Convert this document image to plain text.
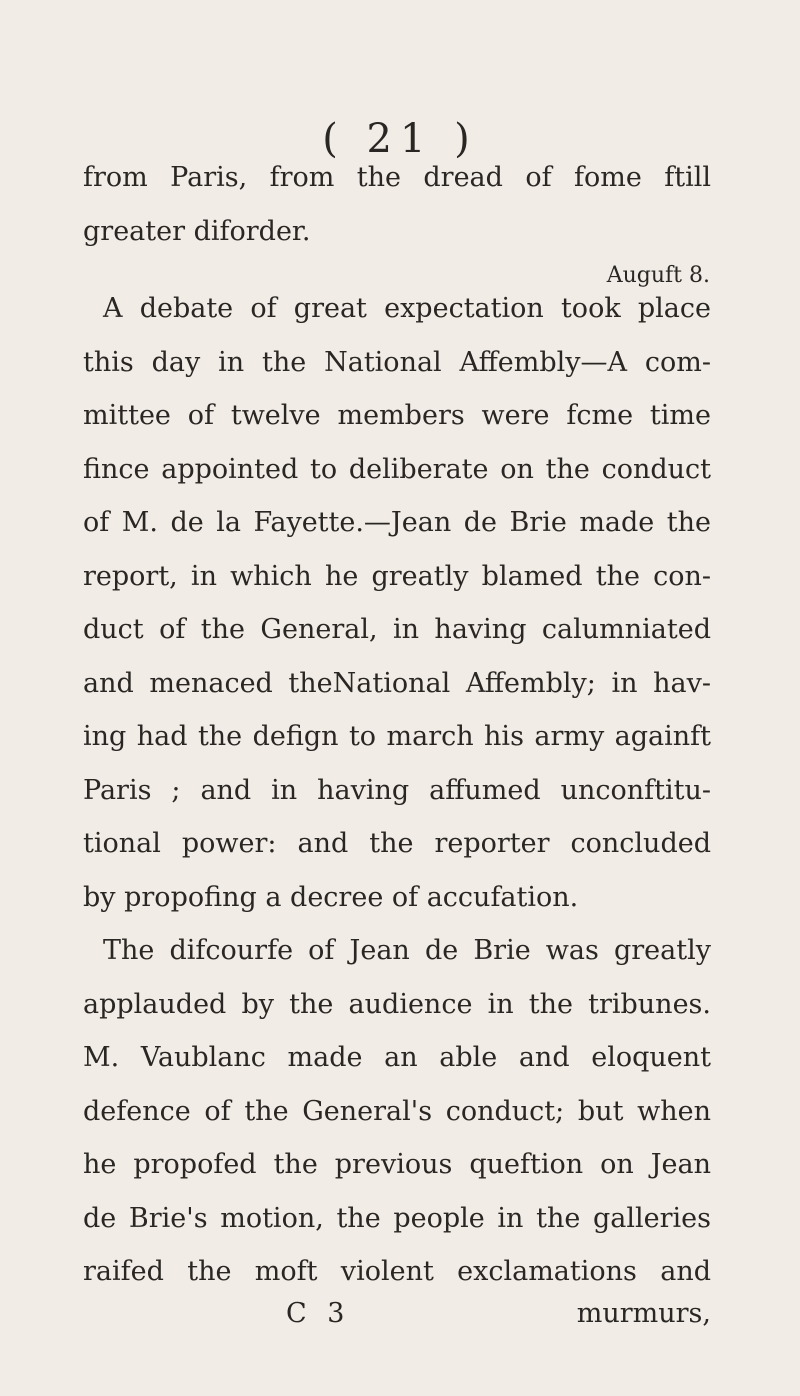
( 21 )
from Paris, from the dread of fome ftill
greater diforder.
Auguft 8.
A debate of great expectation took place
this day in the National Affembly—A com-
mittee of twelve members were fcme time
fince appointed to deliberate on the conduct
of M. de la Fayette.—Jean de Brie made the
report, in which he greatly blamed the con-
duct of the General, in having calumniated
and menaced theNational Affembly; in hav-
ing had the defign to march his army againft
Paris ; and in having affumed unconftitu-
tional power: and the reporter concluded
by propofing a decree of accufation.
The difcourfe of Jean de Brie was greatly
applauded by the audience in the tribunes.
M. Vaublanc made an able and eloquent
defence of the General's conduct; but when
he propofed the previous queftion on Jean
de Brie's motion, the people in the galleries
raifed the moft violent exclamations and
C 3	murmurs,
